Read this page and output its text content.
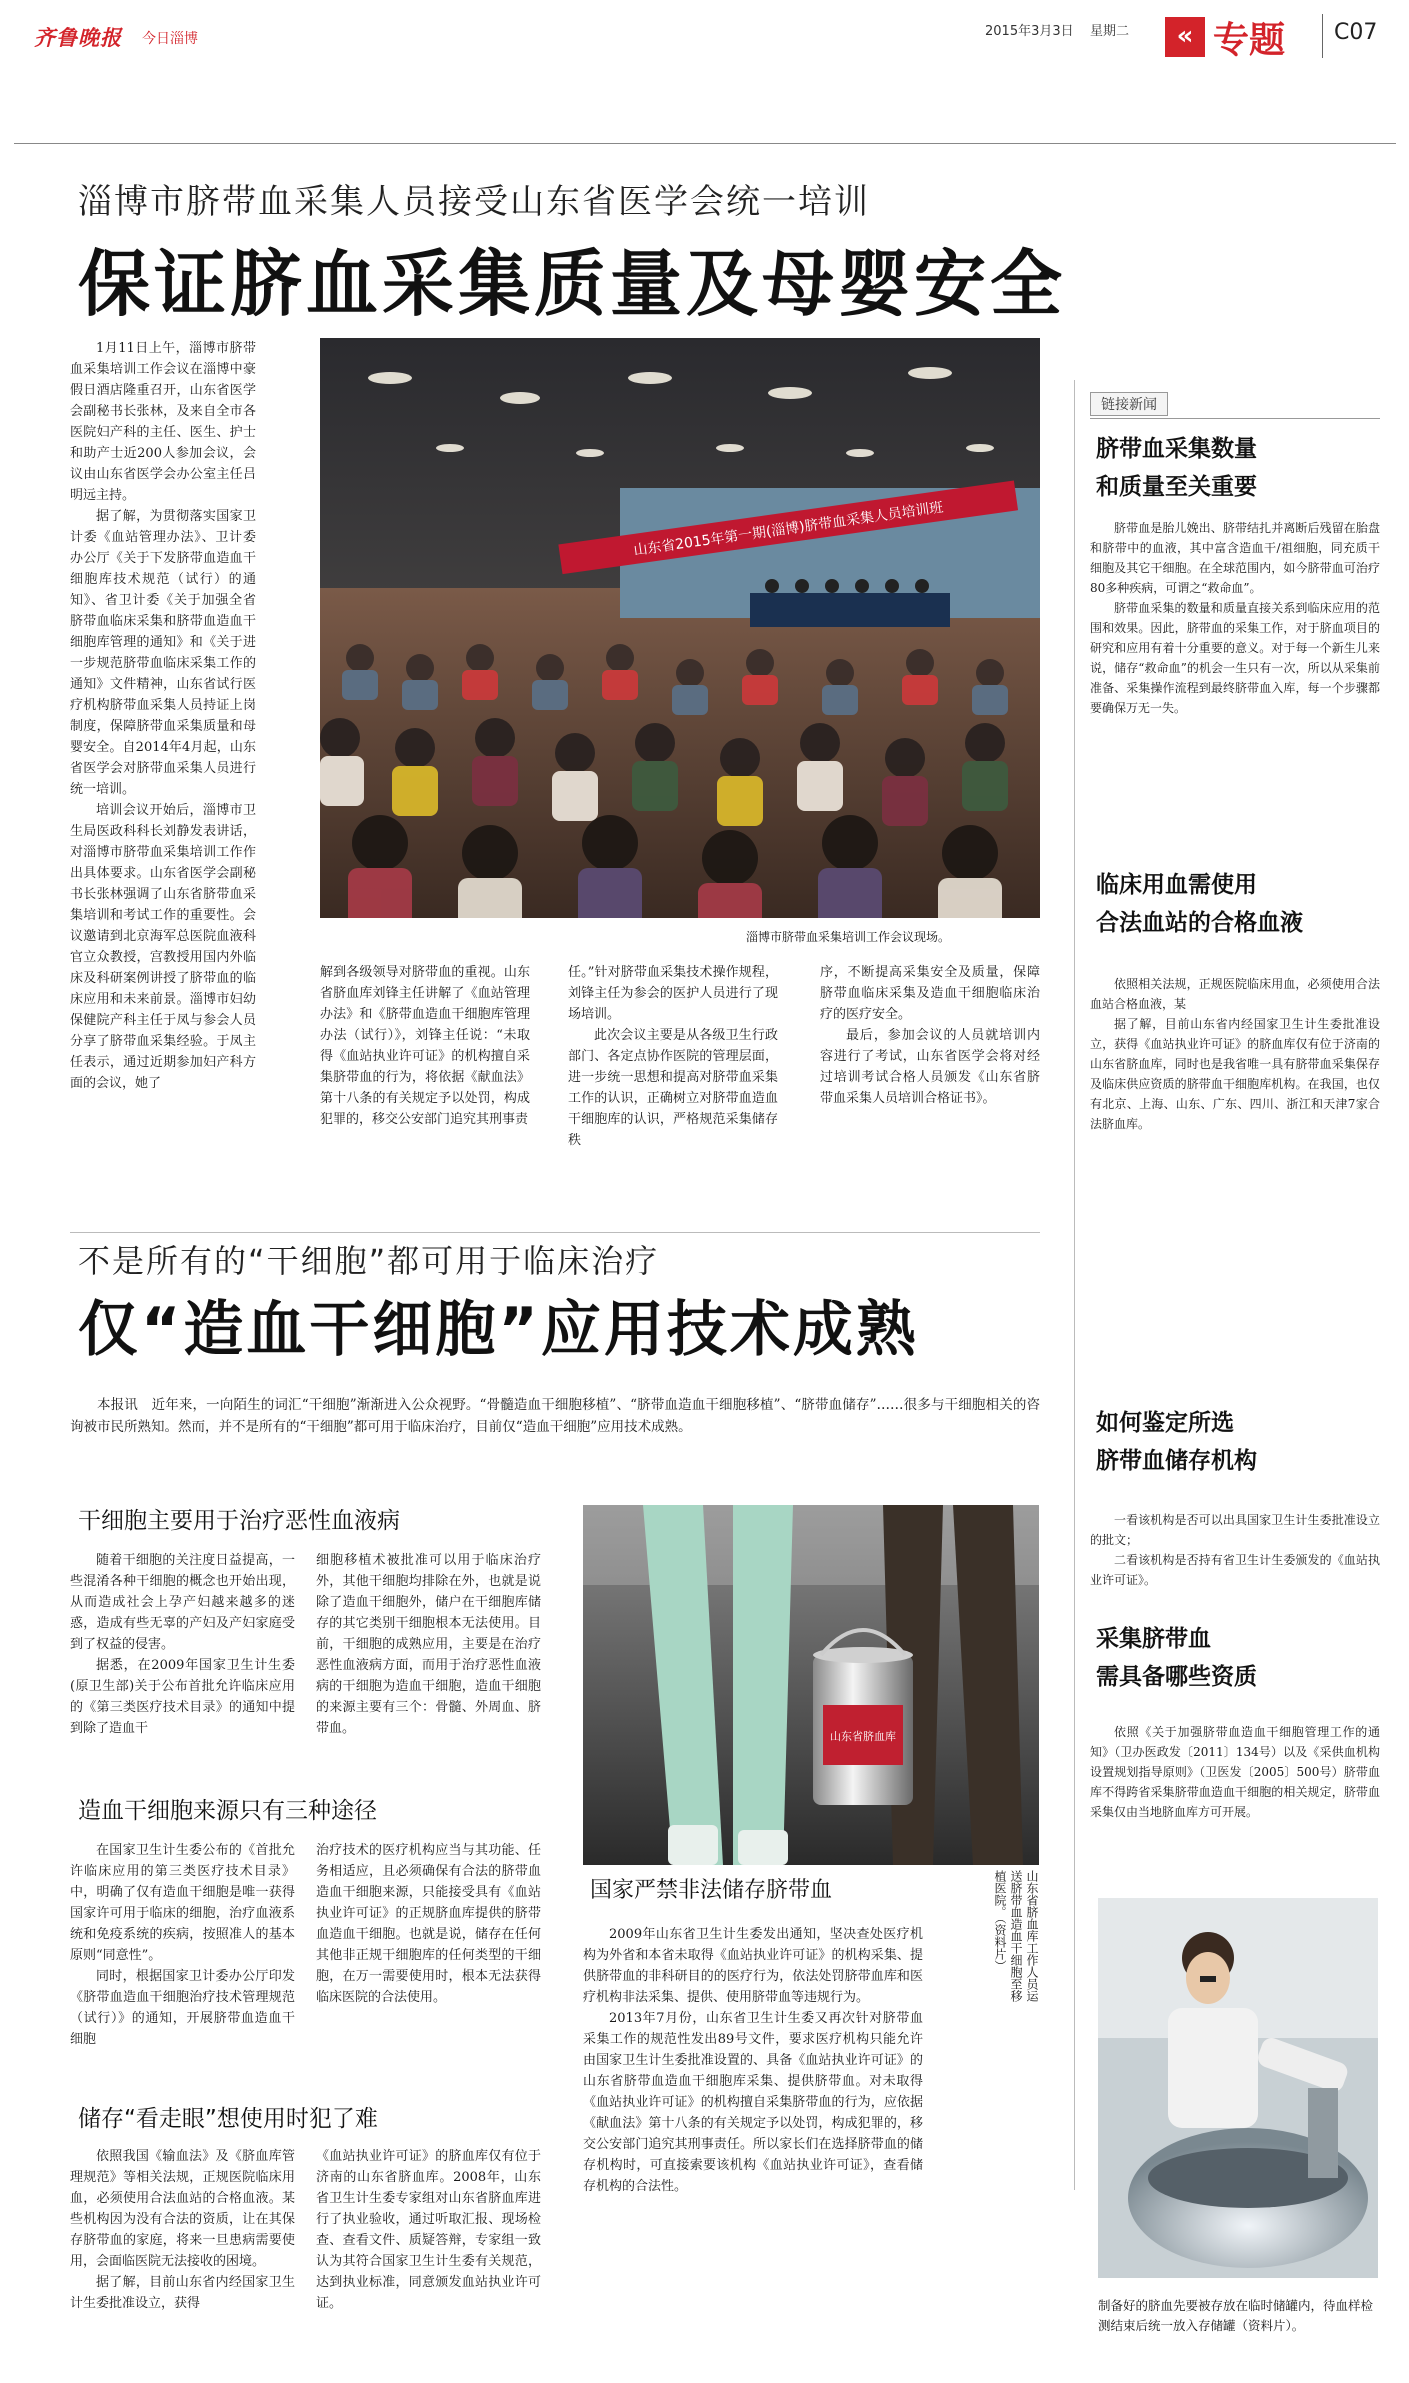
齐鲁晚报 今日淄博	2015年3月3日 星期二	« 专题 C07
淄博市脐带血采集人员接受山东省医学会统一培训
保证脐血采集质量及母婴安全

1月11日上午，淄博市脐带血采集培训工作会议在淄博中豪假日酒店隆重召开，山东省医学会副秘书长张林，及来自全市各医院妇产科的主任、医生、护士和助产士近200人参加会议，会议由山东省医学会办公室主任吕明远主持。

据了解，为贯彻落实国家卫计委《血站管理办法》、卫计委办公厅《关于下发脐带血造血干细胞库技术规范（试行）的通知》、省卫计委《关于加强全省脐带血临床采集和脐带血造血干细胞库管理的通知》和《关于进一步规范脐带血临床采集工作的通知》文件精神，山东省试行医疗机构脐带血采集人员持证上岗制度，保障脐带血采集质量和母婴安全。自2014年4月起，山东省医学会对脐带血采集人员进行统一培训。

培训会议开始后，淄博市卫生局医政科科长刘静发表讲话，对淄博市脐带血采集培训工作作出具体要求。山东省医学会副秘书长张林强调了山东省脐带血采集培训和考试工作的重要性。会议邀请到北京海军总医院血液科官立众教授，宫教授用国内外临床及科研案例讲授了脐带血的临床应用和未来前景。淄博市妇幼保健院产科主任于凤与参会人员分享了脐带血采集经验。于凤主任表示，通过近期参加妇产科方面的会议，她了

山东省2015年第一期(淄博)脐带血采集人员培训班
淄博市脐带血采集培训工作会议现场。

解到各级领导对脐带血的重视。山东省脐血库刘锋主任讲解了《血站管理办法》和《脐带血造血干细胞库管理办法（试行）》，刘锋主任说：“未取得《血站执业许可证》的机构擅自采集脐带血的行为，将依据《献血法》第十八条的有关规定予以处罚，构成犯罪的，移交公安部门追究其刑事责

任。”针对脐带血采集技术操作规程，刘锋主任为参会的医护人员进行了现场培训。

此次会议主要是从各级卫生行政部门、各定点协作医院的管理层面，进一步统一思想和提高对脐带血采集工作的认识，正确树立对脐带血造血干细胞库的认识，严格规范采集储存秩

序，不断提高采集安全及质量，保障脐带血临床采集及造血干细胞临床治疗的医疗安全。

最后，参加会议的人员就培训内容进行了考试，山东省医学会将对经过培训考试合格人员颁发《山东省脐带血采集人员培训合格证书》。

链接新闻
脐带血采集数量
和质量至关重要

脐带血是胎儿娩出、脐带结扎并离断后残留在胎盘和脐带中的血液，其中富含造血干/祖细胞，同充质干细胞及其它干细胞。在全球范围内，如今脐带血可治疗80多种疾病，可谓之“救命血”。

脐带血采集的数量和质量直接关系到临床应用的范围和效果。因此，脐带血的采集工作，对于脐血项目的研究和应用有着十分重要的意义。对于每一个新生儿来说，储存“救命血”的机会一生只有一次，所以从采集前准备、采集操作流程到最终脐带血入库，每一个步骤都要确保万无一失。

临床用血需使用
合法血站的合格血液

依照相关法规，正规医院临床用血，必须使用合法血站合格血液，某

据了解，目前山东省内经国家卫生计生委批准设立，获得《血站执业许可证》的脐血库仅有位于济南的山东省脐血库，同时也是我省唯一具有脐带血采集保存及临床供应资质的脐带血干细胞库机构。在我国，也仅有北京、上海、山东、广东、四川、浙江和天津7家合法脐血库。

不是所有的“干细胞”都可用于临床治疗
仅“造血干细胞”应用技术成熟

本报讯　近年来，一向陌生的词汇“干细胞”渐渐进入公众视野。“骨髓造血干细胞移植”、“脐带血造血干细胞移植”、“脐带血储存”……很多与干细胞相关的咨询被市民所熟知。然而，并不是所有的“干细胞”都可用于临床治疗，目前仅“造血干细胞”应用技术成熟。

干细胞主要用于治疗恶性血液病

随着干细胞的关注度日益提高，一些混淆各种干细胞的概念也开始出现，从而造成社会上孕产妇越来越多的迷惑，造成有些无辜的产妇及产妇家庭受到了权益的侵害。

据悉，在2009年国家卫生计生委(原卫生部)关于公布首批允许临床应用的《第三类医疗技术目录》的通知中提到除了造血干

细胞移植术被批准可以用于临床治疗外，其他干细胞均排除在外，也就是说除了造血干细胞外，储户在干细胞库储存的其它类别干细胞根本无法使用。目前，干细胞的成熟应用，主要是在治疗恶性血液病方面，而用于治疗恶性血液病的干细胞为造血干细胞，造血干细胞的来源主要有三个：骨髓、外周血、脐带血。

造血干细胞来源只有三种途径

在国家卫生计生委公布的《首批允许临床应用的第三类医疗技术目录》中，明确了仅有造血干细胞是唯一获得国家许可用于临床的细胞，治疗血液系统和免疫系统的疾病，按照准人的基本原则“同意性”。

同时，根据国家卫计委办公厅印发《脐带血造血干细胞治疗技术管理规范（试行）》的通知，开展脐带血造血干细胞

治疗技术的医疗机构应当与其功能、任务相适应，且必须确保有合法的脐带血造血干细胞来源，只能接受具有《血站执业许可证》的正规脐血库提供的脐带血造血干细胞。也就是说，储存在任何其他非正规干细胞库的任何类型的干细胞，在万一需要使用时，根本无法获得临床医院的合法使用。

储存“看走眼”想使用时犯了难

依照我国《输血法》及《脐血库管理规范》等相关法规，正规医院临床用血，必须使用合法血站的合格血液。某些机构因为没有合法的资质，让在其保存脐带血的家庭，将来一旦患病需要使用，会面临医院无法接收的困境。

据了解，目前山东省内经国家卫生计生委批准设立，获得

《血站执业许可证》的脐血库仅有位于济南的山东省脐血库。2008年，山东省卫生计生委专家组对山东省脐血库进行了执业验收，通过听取汇报、现场检查、查看文件、质疑答辩，专家组一致认为其符合国家卫生计生委有关规范，达到执业标准，同意颁发血站执业许可证。

山东省脐血库
山东省脐血库工作人员运送脐带血造血干细胞至移植医院。（资料片）
国家严禁非法储存脐带血

2009年山东省卫生计生委发出通知，坚决查处医疗机构为外省和本省未取得《血站执业许可证》的机构采集、提供脐带血的非科研目的的医疗行为，依法处罚脐带血库和医疗机构非法采集、提供、使用脐带血等违规行为。

2013年7月份，山东省卫生计生委又再次针对脐带血采集工作的规范性发出89号文件，要求医疗机构只能允许由国家卫生计生委批准设置的、具备《血站执业许可证》的山东省脐带血造血干细胞库采集、提供脐带血。对未取得《血站执业许可证》的机构擅自采集脐带血的行为，应依据《献血法》第十八条的有关规定予以处罚，构成犯罪的，移交公安部门追究其刑事责任。所以家长们在选择脐带血的储存机构时，可直接索要该机构《血站执业许可证》，查看储存机构的合法性。

如何鉴定所选
脐带血储存机构

一看该机构是否可以出具国家卫生计生委批准设立的批文；

二看该机构是否持有省卫生计生委颁发的《血站执业许可证》。

采集脐带血
需具备哪些资质

依照《关于加强脐带血造血干细胞管理工作的通知》（卫办医政发〔2011〕134号）以及《采供血机构设置规划指导原则》（卫医发〔2005〕500号）脐带血库不得跨省采集脐带血造血干细胞的相关规定，脐带血采集仅由当地脐血库方可开展。

制备好的脐血先要被存放在临时储罐内，待血样检测结束后统一放入存储罐（资料片）。
